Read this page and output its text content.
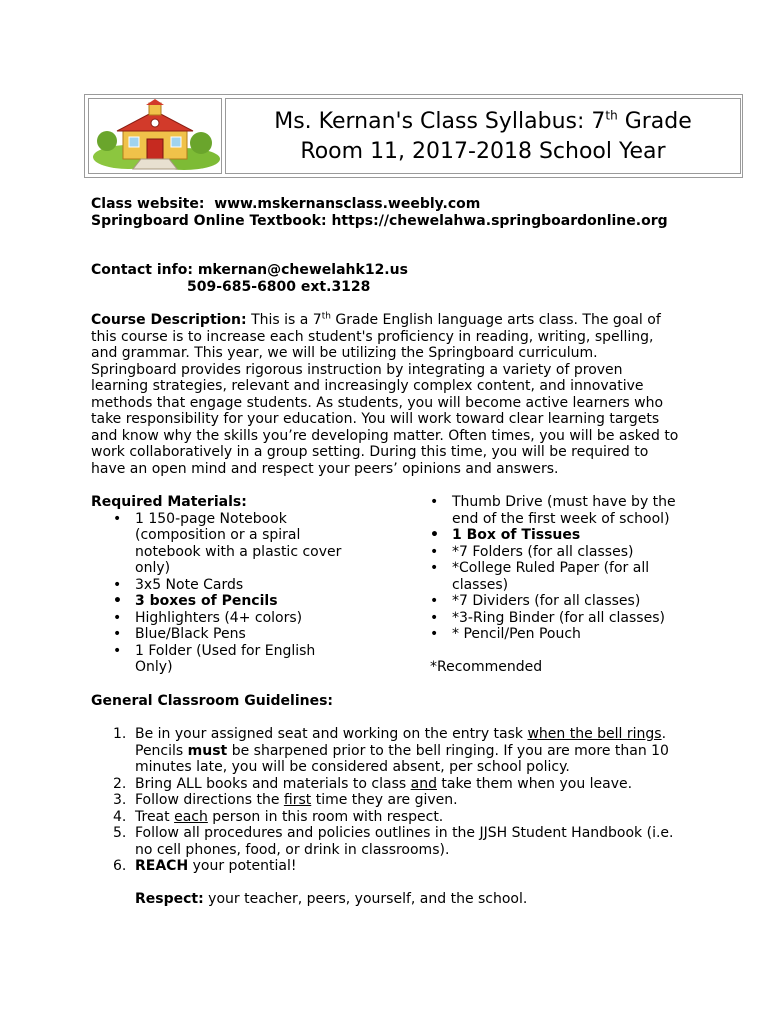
Ms. Kernan's Class Syllabus: 7th Grade
Room 11, 2017-2018 School Year
Class website: www.mskernansclass.weebly.com
Springboard Online Textbook: https://chewelahwa.springboardonline.org
Contact info: mkernan@chewelahk12.us
509-685-6800 ext.3128
Course Description: This is a 7th Grade English language arts class. The goal of this course is to increase each student's proficiency in reading, writing, spelling, and grammar. This year, we will be utilizing the Springboard curriculum. Springboard provides rigorous instruction by integrating a variety of proven learning strategies, relevant and increasingly complex content, and innovative methods that engage students. As students, you will become active learners who take responsibility for your education. You will work toward clear learning targets and know why the skills you’re developing matter. Often times, you will be asked to work collaboratively in a group setting. During this time, you will be required to have an open mind and respect your peers’ opinions and answers.
Required Materials:
• 1 150-page Notebook (composition or a spiral notebook with a plastic cover only)
• 3x5 Note Cards
• 3 boxes of Pencils
• Highlighters (4+ colors)
• Blue/Black Pens
• 1 Folder (Used for English Only)
• Thumb Drive (must have by the end of the first week of school)
• 1 Box of Tissues
• *7 Folders (for all classes)
• *College Ruled Paper (for all classes)
• *7 Dividers (for all classes)
• *3-Ring Binder (for all classes)
• * Pencil/Pen Pouch
*Recommended
General Classroom Guidelines:
1. Be in your assigned seat and working on the entry task when the bell rings. Pencils must be sharpened prior to the bell ringing. If you are more than 10 minutes late, you will be considered absent, per school policy.
2. Bring ALL books and materials to class and take them when you leave.
3. Follow directions the first time they are given.
4. Treat each person in this room with respect.
5. Follow all procedures and policies outlines in the JJSH Student Handbook (i.e. no cell phones, food, or drink in classrooms).
6. REACH your potential!
Respect: your teacher, peers, yourself, and the school.
